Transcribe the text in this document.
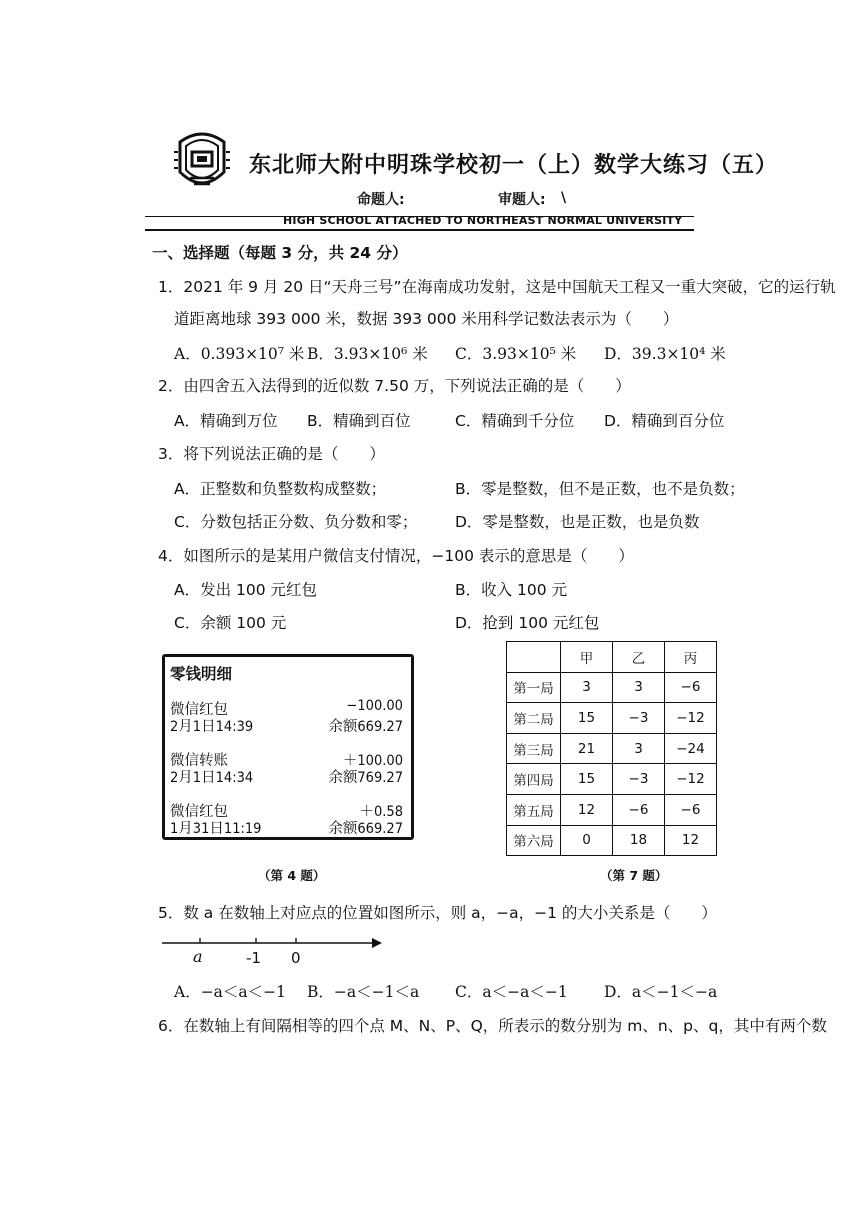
东北师大附中明珠学校初一（上）数学大练习（五）
命题人:	审题人: \
HIGH SCHOOL ATTACHED TO NORTHEAST NORMAL UNIVERSITY
一、选择题（每题 3 分，共 24 分）
1．2021 年 9 月 20 日“天舟三号”在海南成功发射，这是中国航天工程又一重大突破，它的运行轨
道距离地球 393 000 米，数据 393 000 米用科学记数法表示为（　　）
A．0.393×10⁷ 米 B．3.93×10⁶ 米 C．3.93×10⁵ 米 D．39.3×10⁴ 米
2．由四舍五入法得到的近似数 7.50 万，下列说法正确的是（　　）
A．精确到万位 B．精确到百位	C．精确到千分位 D．精确到百分位
3．将下列说法正确的是（　　）
A．正整数和负整数构成整数；	B．零是整数，但不是正数，也不是负数；
C．分数包括正分数、负分数和零； D．零是整数，也是正数，也是负数
4．如图所示的是某用户微信支付情况，−100 表示的意思是（　　）
A．发出 100 元红包	B．收入 100 元
C．余额 100 元	D．抢到 100 元红包
零钱明细
微信红包	−100.00
2月1日14:39	余额669.27
微信转账	＋100.00
2月1日14:34	余额769.27
微信红包	＋0.58
1月31日11:19	余额669.27
（第 4 题）
	甲	乙	丙
第一局	3	3	−6
第二局	15	−3	−12
第三局	21	3	−24
第四局	15	−3	−12
第五局	12	−6	−6
第六局	0	18	12
（第 7 题）
5．数 a 在数轴上对应点的位置如图所示，则 a，−a，−1 的大小关系是（　　）
a	-1 0
A．−a＜a＜−1 B．−a＜−1＜a C．a＜−a＜−1 D．a＜−1＜−a
6．在数轴上有间隔相等的四个点 M、N、P、Q，所表示的数分别为 m、n、p、q，其中有两个数
